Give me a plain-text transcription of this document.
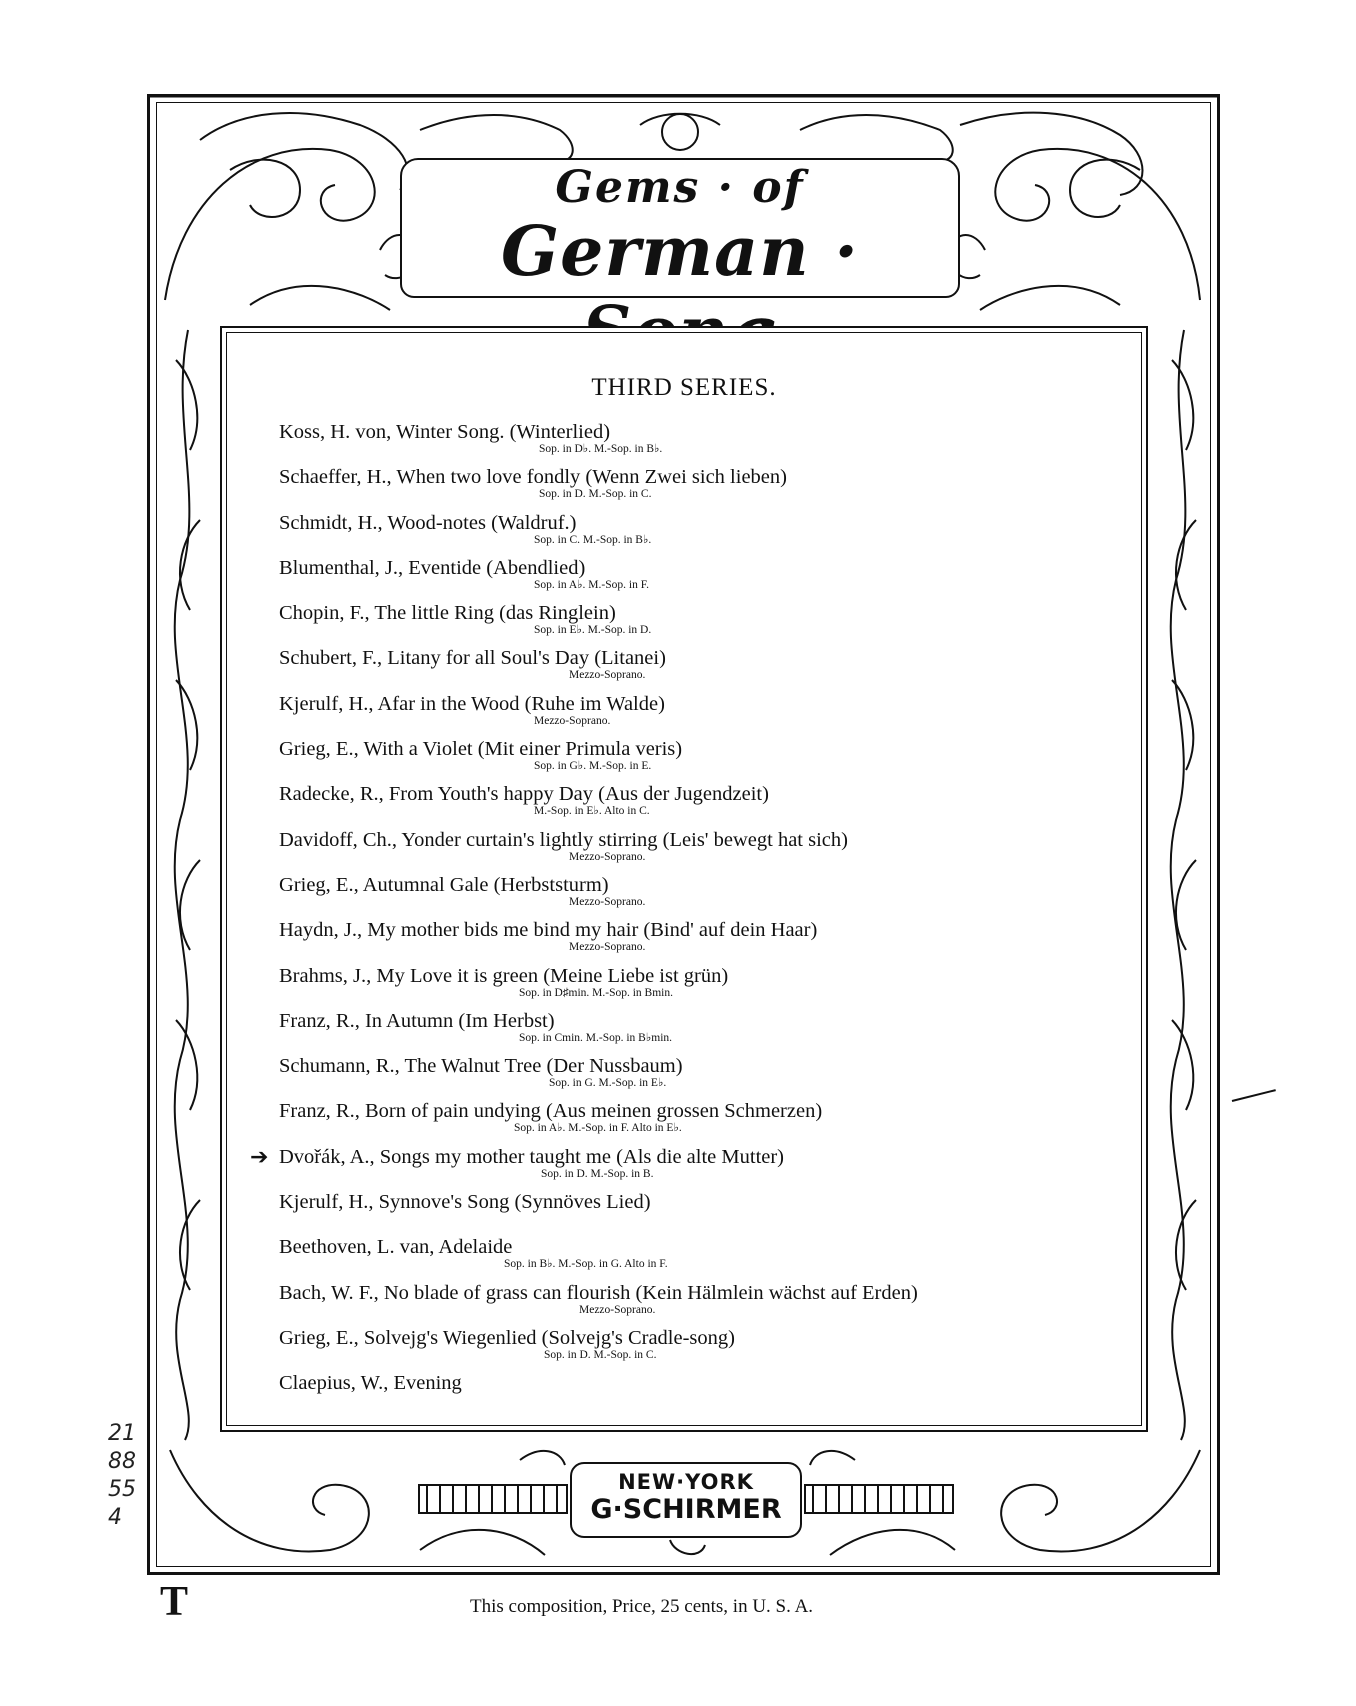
Gems · of
German ·
THIRD SERIES.
➔
Koss, H. von, Winter Song. (Winterlied)
Sop. in D♭. M.-Sop. in B♭.
Schaeffer, H., When two love fondly (Wenn Zwei sich lieben)
Sop. in D. M.-Sop. in C.
Schmidt, H., Wood-notes (Waldruf.)
Sop. in C. M.-Sop. in B♭.
Blumenthal, J., Eventide (Abendlied)
Sop. in A♭. M.-Sop. in F.
Chopin, F., The little Ring (das Ringlein)
Sop. in E♭. M.-Sop. in D.
Schubert, F., Litany for all Soul's Day (Litanei)
Mezzo-Soprano.
Kjerulf, H., Afar in the Wood (Ruhe im Walde)
Mezzo-Soprano.
Grieg, E., With a Violet (Mit einer Primula veris)
Sop. in G♭. M.-Sop. in E.
Radecke, R., From Youth's happy Day (Aus der Jugendzeit)
M.-Sop. in E♭. Alto in C.
Davidoff, Ch., Yonder curtain's lightly stirring (Leis' bewegt hat sich)
Mezzo-Soprano.
Grieg, E., Autumnal Gale (Herbststurm)
Mezzo-Soprano.
Haydn, J., My mother bids me bind my hair (Bind' auf dein Haar)
Mezzo-Soprano.
Brahms, J., My Love it is green (Meine Liebe ist grün)
Sop. in D♯min. M.-Sop. in Bmin.
Franz, R., In Autumn (Im Herbst)
Sop. in Cmin. M.-Sop. in B♭min.
Schumann, R., The Walnut Tree (Der Nussbaum)
Sop. in G. M.-Sop. in E♭.
Franz, R., Born of pain undying (Aus meinen grossen Schmerzen)
Sop. in A♭. M.-Sop. in F. Alto in E♭.
Dvořák, A., Songs my mother taught me (Als die alte Mutter)
Sop. in D. M.-Sop. in B.
Kjerulf, H., Synnove's Song (Synnöves Lied)
Beethoven, L. van, Adelaide
Sop. in B♭. M.-Sop. in G. Alto in F.
Bach, W. F., No blade of grass can flourish (Kein Hälmlein wächst auf Erden)
Mezzo-Soprano.
Grieg, E., Solvejg's Wiegenlied (Solvejg's Cradle-song)
Sop. in D. M.-Sop. in C.
Claepius, W., Evening
NEW·YORK
G·SCHIRMER
21
88
55
4
T	This composition, Price, 25 cents, in U. S. A.
